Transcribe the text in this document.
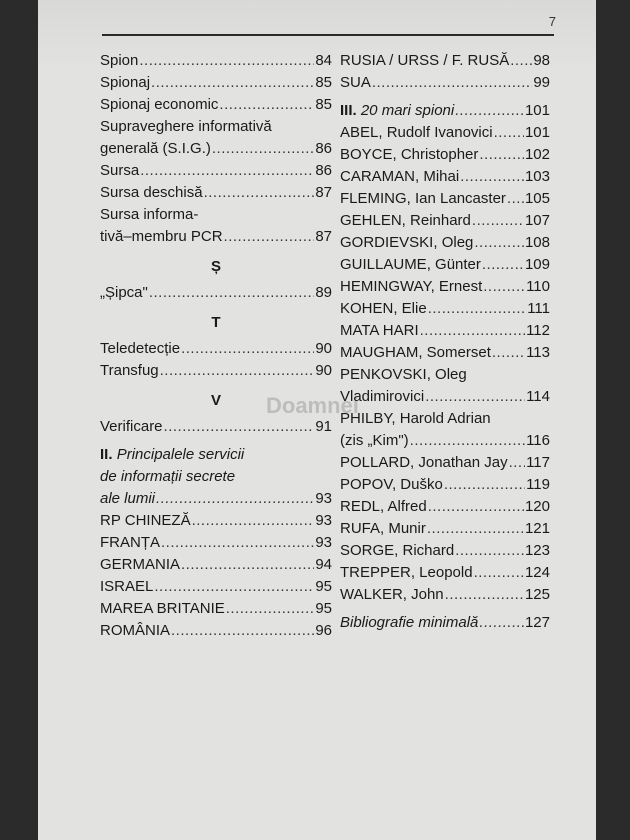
7
Doamnei
Spion .....	84
Spionaj .....	85
Spionaj economic .....	85
Supraveghere informativă
generală (S.I.G.) .....	86
Sursa .....	86
Sursa deschisă .....	87
Sursa informa-
tivă–membru PCR .....	87
Ș
„Șipca" .....	89
T
Teledetecție .....	90
Transfug .....	90
V
Verificare .....	91
II. Principalele servicii
de informații secrete
ale lumii .....	93
RP CHINEZĂ .....	93
FRANȚA .....	93
GERMANIA .....	94
ISRAEL .....	95
MAREA BRITANIE .....	95
ROMÂNIA .....	96
RUSIA / URSS / F. RUSĂ ..... 98
SUA .....	99
III. 20 mari spioni .....	101
ABEL, Rudolf Ivanovici ..... 101
BOYCE, Christopher .....	102
CARAMAN, Mihai .....	103
FLEMING, Ian Lancaster ..... 105
GEHLEN, Reinhard .....	107
GORDIEVSKI, Oleg .....	108
GUILLAUME, Günter .....	109
HEMINGWAY, Ernest .....	110
KOHEN, Elie .....	111
MATA HARI .....	112
MAUGHAM, Somerset ..... 113
PENKOVSKI, Oleg
Vladimirovici .....	114
PHILBY, Harold Adrian
(zis „Kim") .....	116
POLLARD, Jonathan Jay ..... 117
POPOV, Duško .....	119
REDL, Alfred .....	120
RUFA, Munir .....	121
SORGE, Richard .....	123
TREPPER, Leopold .....	124
WALKER, John .....	125
Bibliografie minimală .....	127
